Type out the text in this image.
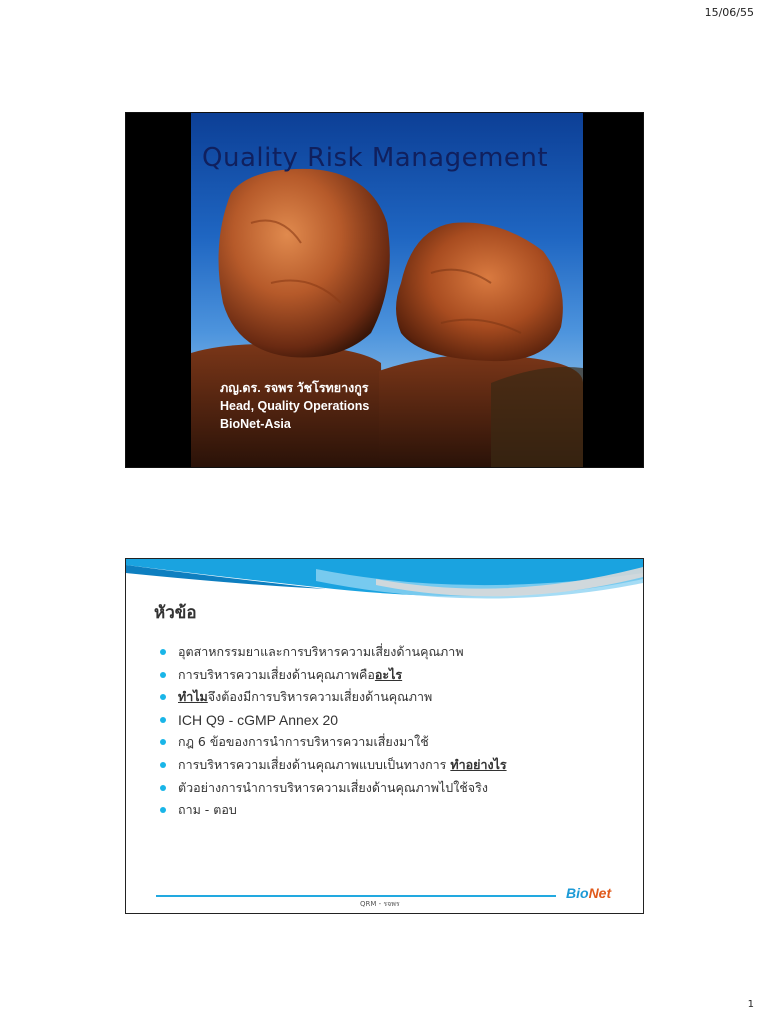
15/06/55
Quality Risk Management
ภญ.ดร. รจพร วัชโรทยางกูร
Head, Quality Operations
BioNet-Asia
หัวข้อ
อุตสาหกรรมยาและการบริหารความเสี่ยงด้านคุณภาพ
การบริหารความเสี่ยงด้านคุณภาพคืออะไร
ทำไมจึงต้องมีการบริหารความเสี่ยงด้านคุณภาพ
ICH Q9 - cGMP Annex 20
กฎ 6 ข้อของการนำการบริหารความเสี่ยงมาใช้
การบริหารความเสี่ยงด้านคุณภาพแบบเป็นทางการ ทำอย่างไร
ตัวอย่างการนำการบริหารความเสี่ยงด้านคุณภาพไปใช้จริง
ถาม - ตอบ
QRM - รจพร
BioNet
1
